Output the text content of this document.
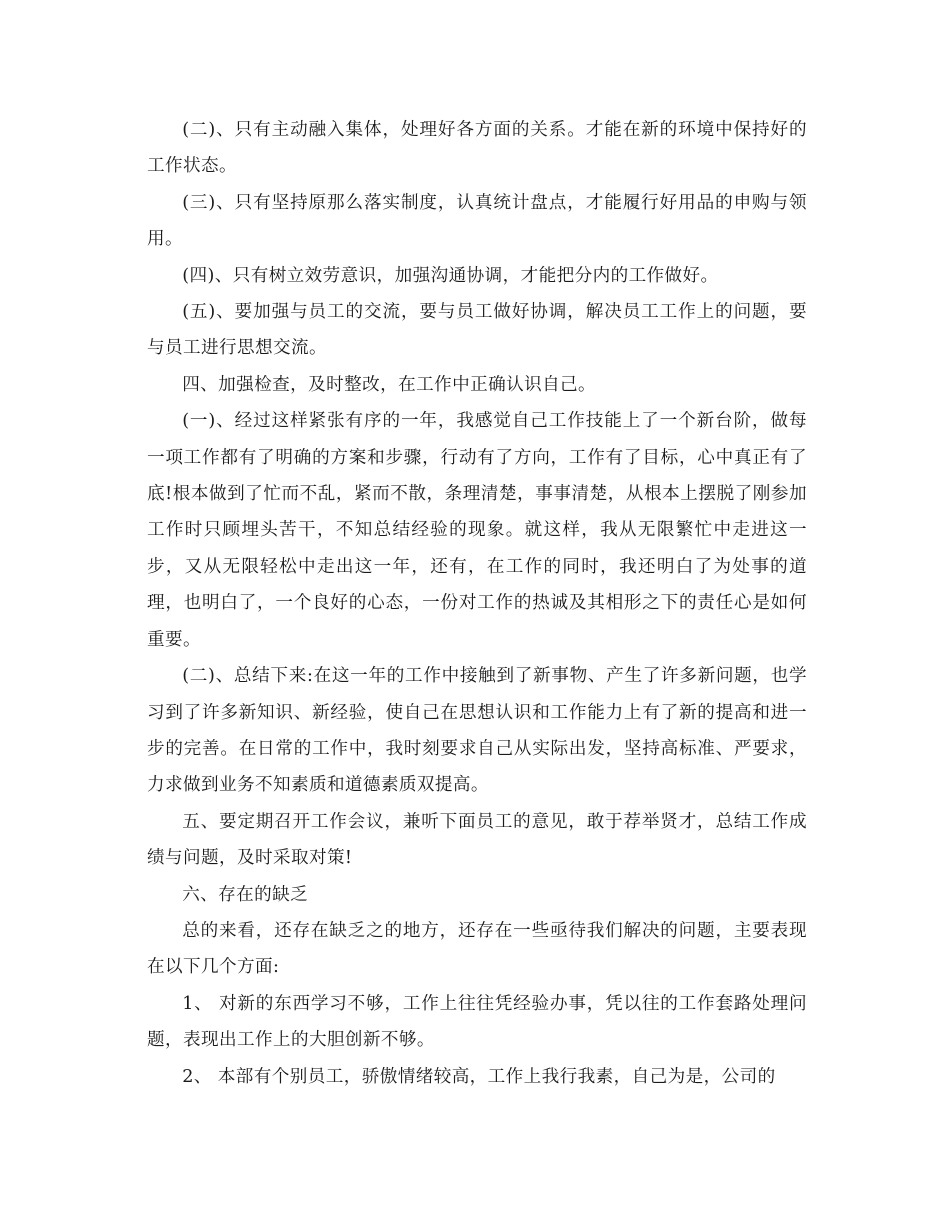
(二)、只有主动融入集体，处理好各方面的关系。才能在新的环境中保持好的工作状态。

(三)、只有坚持原那么落实制度，认真统计盘点，才能履行好用品的申购与领用。

(四)、只有树立效劳意识，加强沟通协调，才能把分内的工作做好。

(五)、要加强与员工的交流，要与员工做好协调，解决员工工作上的问题，要与员工进行思想交流。

四、加强检查，及时整改，在工作中正确认识自己。

(一)、经过这样紧张有序的一年，我感觉自己工作技能上了一个新台阶，做每一项工作都有了明确的方案和步骤，行动有了方向，工作有了目标，心中真正有了底!根本做到了忙而不乱，紧而不散，条理清楚，事事清楚，从根本上摆脱了刚参加工作时只顾埋头苦干，不知总结经验的现象。就这样，我从无限繁忙中走进这一步，又从无限轻松中走出这一年，还有，在工作的同时，我还明白了为处事的道理，也明白了，一个良好的心态，一份对工作的热诚及其相形之下的责任心是如何重要。

(二)、总结下来:在这一年的工作中接触到了新事物、产生了许多新问题，也学习到了许多新知识、新经验，使自己在思想认识和工作能力上有了新的提高和进一步的完善。在日常的工作中，我时刻要求自己从实际出发，坚持高标准、严要求，力求做到业务不知素质和道德素质双提高。

五、要定期召开工作会议，兼听下面员工的意见，敢于荐举贤才，总结工作成绩与问题，及时采取对策!

六、存在的缺乏

总的来看，还存在缺乏之的地方，还存在一些亟待我们解决的问题，主要表现在以下几个方面:

1、 对新的东西学习不够，工作上往往凭经验办事，凭以往的工作套路处理问题，表现出工作上的大胆创新不够。

2、 本部有个别员工，骄傲情绪较高，工作上我行我素，自己为是，公司的
